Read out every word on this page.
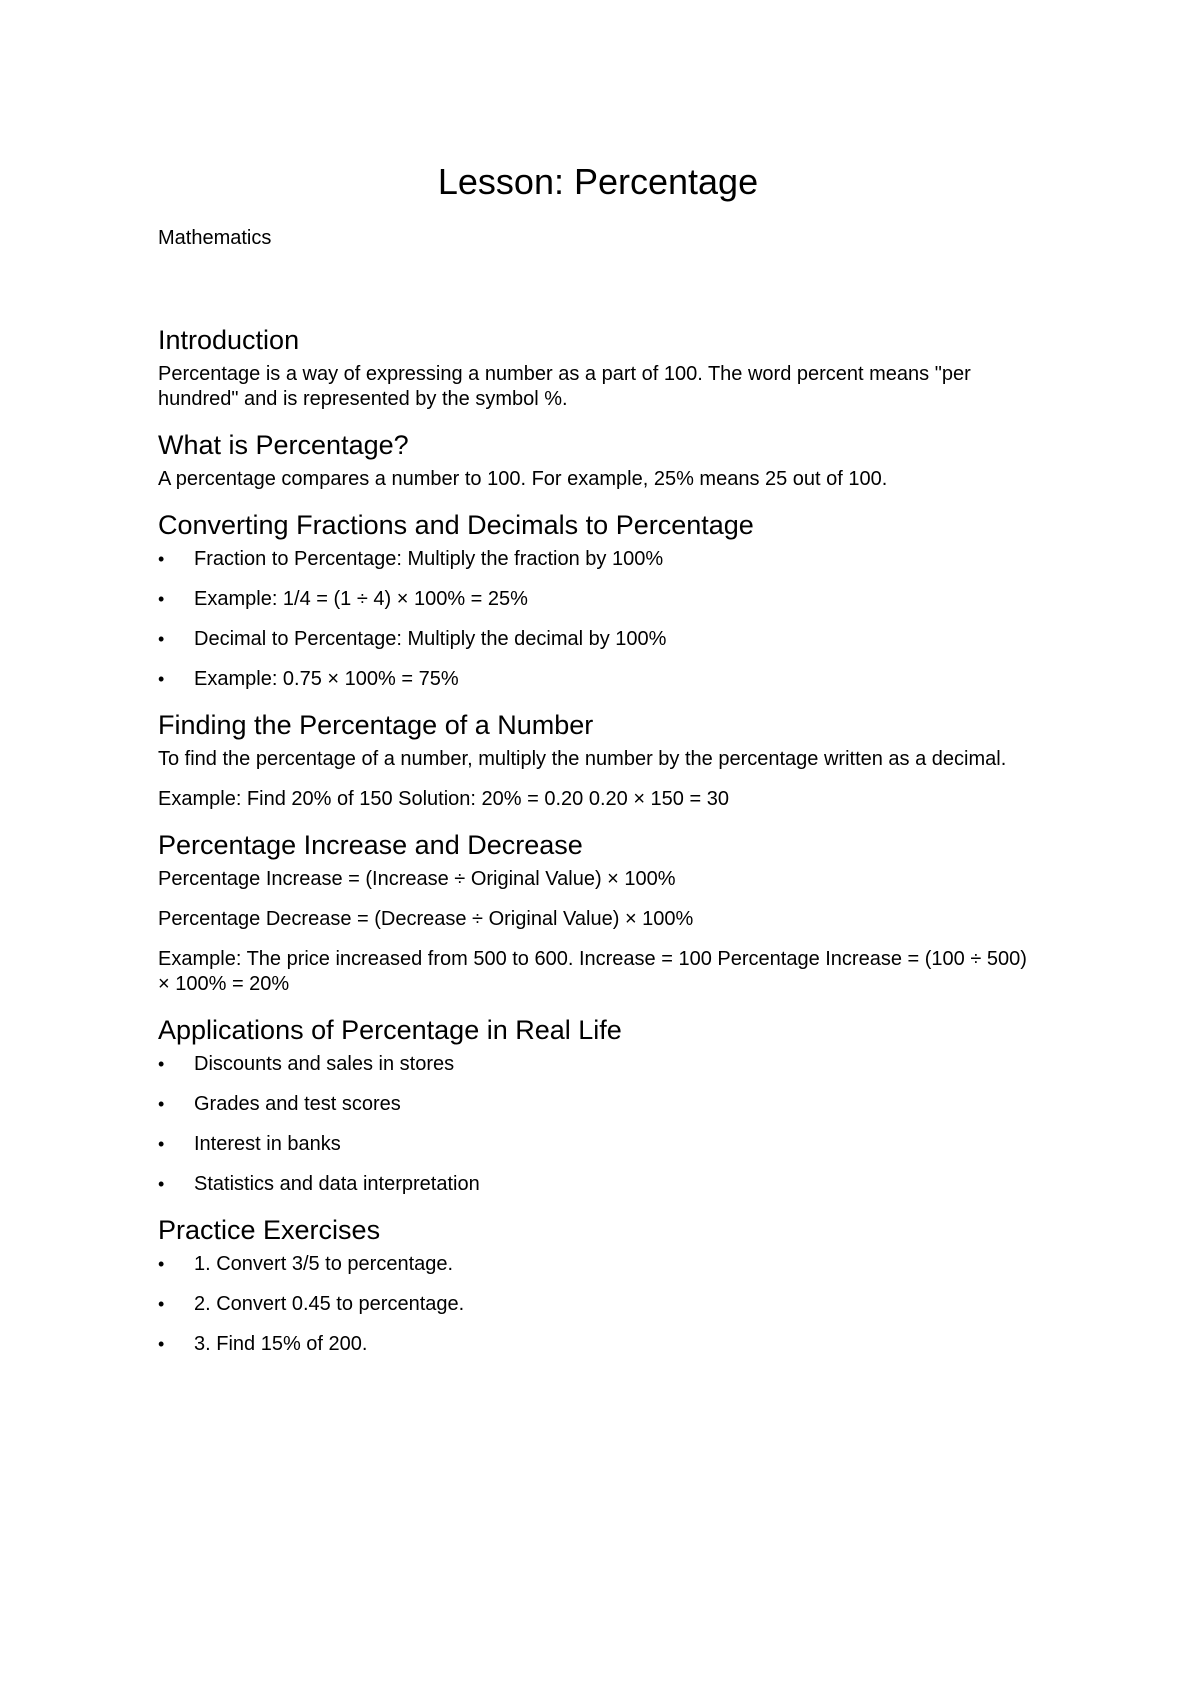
Lesson: Percentage

Mathematics

Introduction

Percentage is a way of expressing a number as a part of 100. The word percent means "per hundred" and is represented by the symbol %.

What is Percentage?

A percentage compares a number to 100. For example, 25% means 25 out of 100.

Converting Fractions and Decimals to Percentage
• Fraction to Percentage: Multiply the fraction by 100%
• Example: 1/4 = (1 ÷ 4) × 100% = 25%
• Decimal to Percentage: Multiply the decimal by 100%
• Example: 0.75 × 100% = 75%
Finding the Percentage of a Number

To find the percentage of a number, multiply the number by the percentage written as a decimal.

Example: Find 20% of 150 Solution: 20% = 0.20 0.20 × 150 = 30

Percentage Increase and Decrease

Percentage Increase = (Increase ÷ Original Value) × 100%

Percentage Decrease = (Decrease ÷ Original Value) × 100%

Example: The price increased from 500 to 600. Increase = 100 Percentage Increase = (100 ÷ 500) × 100% = 20%

Applications of Percentage in Real Life
• Discounts and sales in stores
• Grades and test scores
• Interest in banks
• Statistics and data interpretation
Practice Exercises
• 1. Convert 3/5 to percentage.
• 2. Convert 0.45 to percentage.
• 3. Find 15% of 200.
